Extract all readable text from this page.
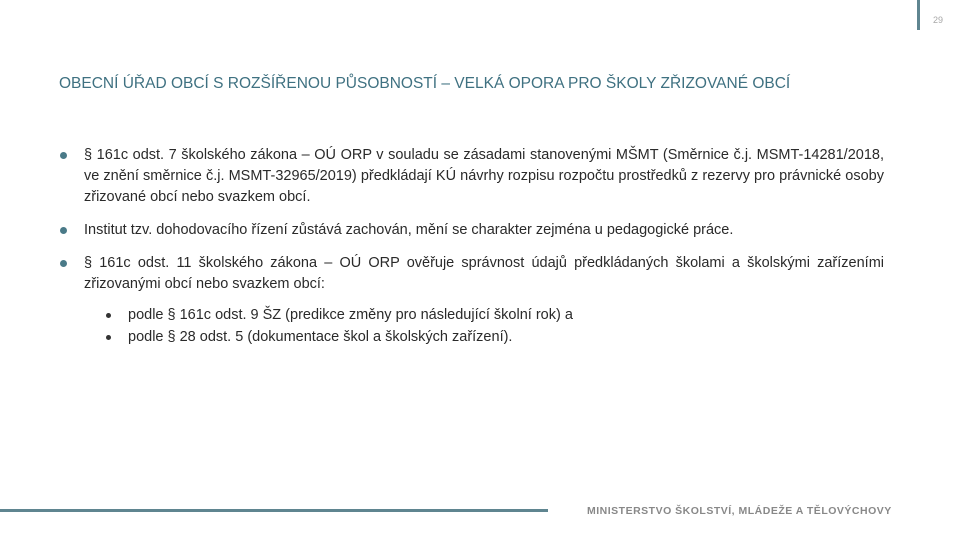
29
OBECNÍ ÚŘAD OBCÍ S ROZŠÍŘENOU PŮSOBNOSTÍ – VELKÁ OPORA PRO ŠKOLY ZŘIZOVANÉ OBCÍ
§ 161c odst. 7 školského zákona – OÚ ORP v souladu se zásadami stanovenými MŠMT (Směrnice č.j. MSMT-14281/2018, ve znění směrnice č.j. MSMT-32965/2019) předkládají KÚ návrhy rozpisu rozpočtu prostředků z rezervy pro právnické osoby zřizované obcí nebo svazkem obcí.
Institut tzv. dohodovacího řízení zůstává zachován, mění se charakter zejména u pedagogické práce.
§ 161c odst. 11 školského zákona – OÚ ORP ověřuje správnost údajů předkládaných školami a školskými zařízeními zřizovanými obcí nebo svazkem obcí:
podle § 161c odst. 9 ŠZ (predikce změny pro následující školní rok) a
podle § 28 odst. 5 (dokumentace škol a školských zařízení).
MINISTERSTVO ŠKOLSTVÍ, MLÁDEŽE A TĚLOVÝCHOVY
